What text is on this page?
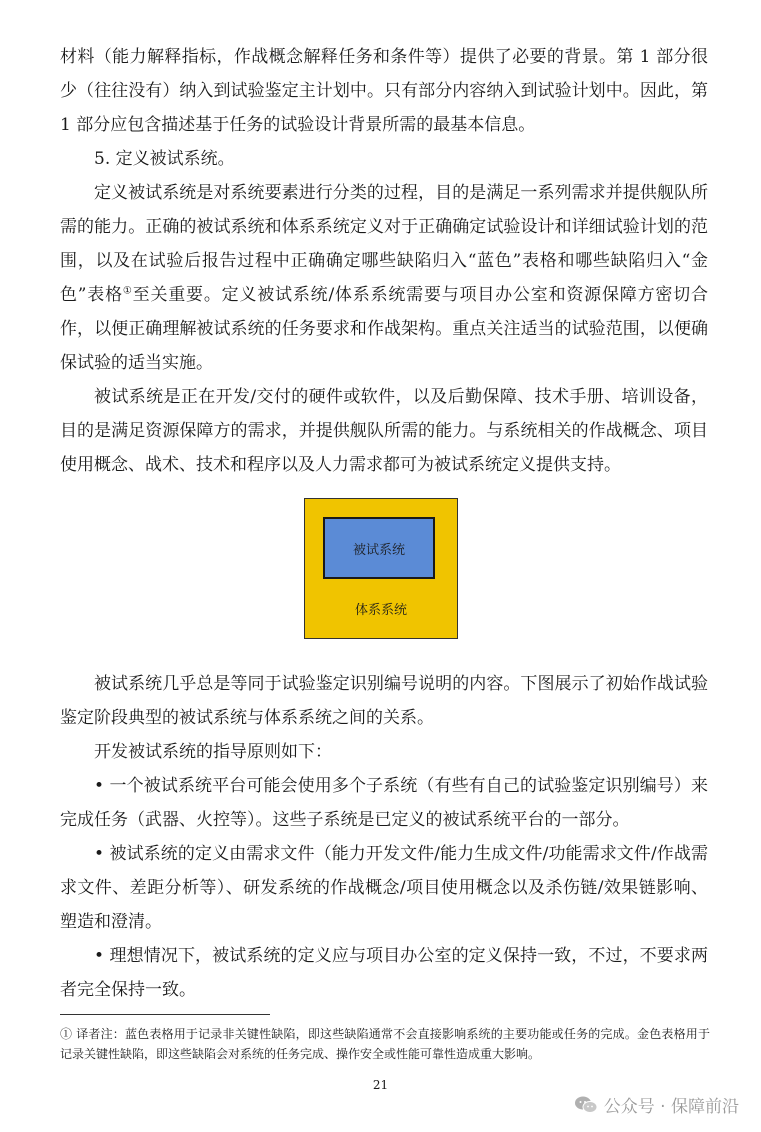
材料（能力解释指标，作战概念解释任务和条件等）提供了必要的背景。第 1 部分很少（往往没有）纳入到试验鉴定主计划中。只有部分内容纳入到试验计划中。因此，第 1 部分应包含描述基于任务的试验设计背景所需的最基本信息。

5. 定义被试系统。

定义被试系统是对系统要素进行分类的过程，目的是满足一系列需求并提供舰队所需的能力。正确的被试系统和体系系统定义对于正确确定试验设计和详细试验计划的范围，以及在试验后报告过程中正确确定哪些缺陷归入“蓝色”表格和哪些缺陷归入“金色”表格①至关重要。定义被试系统/体系系统需要与项目办公室和资源保障方密切合作，以便正确理解被试系统的任务要求和作战架构。重点关注适当的试验范围，以便确保试验的适当实施。

被试系统是正在开发/交付的硬件或软件，以及后勤保障、技术手册、培训设备，目的是满足资源保障方的需求，并提供舰队所需的能力。与系统相关的作战概念、项目使用概念、战术、技术和程序以及人力需求都可为被试系统定义提供支持。

被试系统
体系系统

被试系统几乎总是等同于试验鉴定识别编号说明的内容。下图展示了初始作战试验鉴定阶段典型的被试系统与体系系统之间的关系。

开发被试系统的指导原则如下：

• 一个被试系统平台可能会使用多个子系统（有些有自己的试验鉴定识别编号）来完成任务（武器、火控等）。这些子系统是已定义的被试系统平台的一部分。

• 被试系统的定义由需求文件（能力开发文件/能力生成文件/功能需求文件/作战需求文件、差距分析等）、研发系统的作战概念/项目使用概念以及杀伤链/效果链影响、塑造和澄清。

• 理想情况下，被试系统的定义应与项目办公室的定义保持一致，不过，不要求两者完全保持一致。

① 译者注：蓝色表格用于记录非关键性缺陷，即这些缺陷通常不会直接影响系统的主要功能或任务的完成。金色表格用于记录关键性缺陷，即这些缺陷会对系统的任务完成、操作安全或性能可靠性造成重大影响。

21
公众号 · 保障前沿
